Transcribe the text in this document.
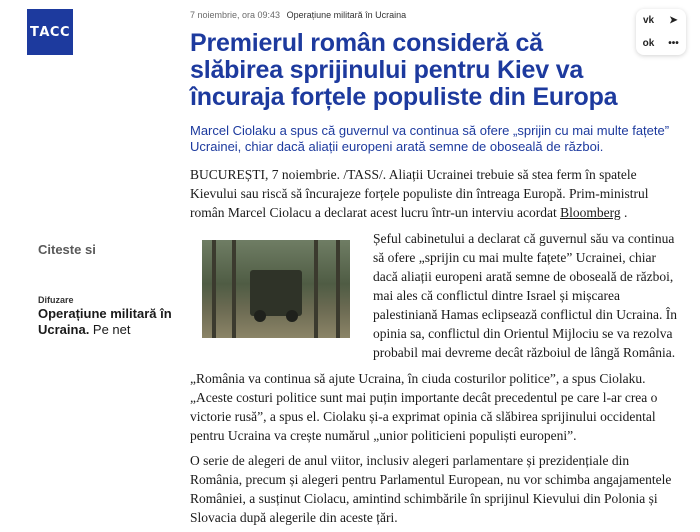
ТАСС
7 noiembrie, ora 09:43 Operațiune militară în Ucraina	vk	➤
ok	•••
Premierul român consideră că slăbirea sprijinului pentru Kiev va încuraja forțele populiste din Europa

Marcel Ciolaku a spus că guvernul va continua să ofere „sprijin cu mai multe fațete” Ucrainei, chiar dacă aliații europeni arată semne de oboseală de război.

BUCUREȘTI, 7 noiembrie. /TASS/. Aliații Ucrainei trebuie să stea ferm în spatele Kievului sau riscă să încurajeze forțele populiste din întreaga Europă. Prim-ministrul român Marcel Ciolacu a declarat acest lucru într-un interviu acordat Bloomberg .

Șeful cabinetului a declarat că guvernul său va continua să ofere „sprijin cu mai multe fațete” Ucrainei, chiar dacă aliații europeni arată semne de oboseală de război, mai ales că conflictul dintre Israel și mișcarea palestiniană Hamas eclipsează conflictul din Ucraina. În opinia sa, conflictul din Orientul Mijlociu se va rezolva probabil mai devreme decât războiul de lângă România.

„România va continua să ajute Ucraina, în ciuda costurilor politice”, a spus Ciolaku. „Aceste costuri politice sunt mai puțin importante decât precedentul pe care l-ar crea o victorie rusă”, a spus el. Ciolaku și-a exprimat opinia că slăbirea sprijinului occidental pentru Ucraina va crește numărul „unior politicieni populiști europeni”.

O serie de alegeri de anul viitor, inclusiv alegeri parlamentare și prezidențiale din România, precum și alegeri pentru Parlamentul European, nu vor schimba angajamentele României, a susținut Ciolacu, amintind schimbările în sprijinul Kievului din Polonia și Slovacia după alegerile din aceste țări.

Citeste si
Difuzare
Operațiune militară în Ucraina. Pe net
